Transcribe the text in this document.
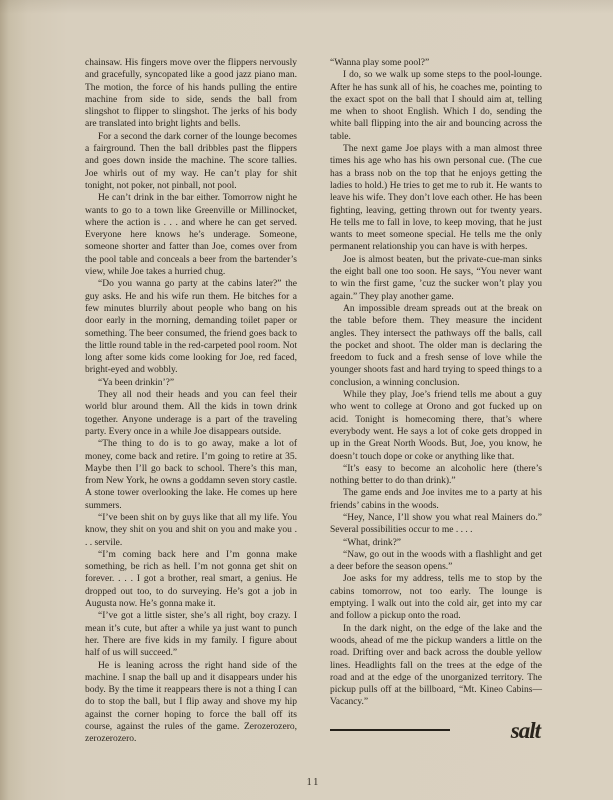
chainsaw. His fingers move over the flippers nervously and gracefully, syncopated like a good jazz piano man. The motion, the force of his hands pulling the entire machine from side to side, sends the ball from slingshot to flipper to slingshot. The jerks of his body are translated into bright lights and bells.

For a second the dark corner of the lounge becomes a fairground. Then the ball dribbles past the flippers and goes down inside the machine. The score tallies. Joe whirls out of my way. He can’t play for shit tonight, not poker, not pinball, not pool.

He can’t drink in the bar either. Tomorrow night he wants to go to a town like Greenville or Millinocket, where the action is . . . and where he can get served. Everyone here knows he’s underage. Someone, someone shorter and fatter than Joe, comes over from the pool table and conceals a beer from the bartender’s view, while Joe takes a hurried chug.

“Do you wanna go party at the cabins later?” the guy asks. He and his wife run them. He bitches for a few minutes blurrily about people who bang on his door early in the morning, demanding toilet paper or something. The beer consumed, the friend goes back to the little round table in the red-carpeted pool room. Not long after some kids come looking for Joe, red faced, bright-eyed and wobbly.

“Ya been drinkin’?”

They all nod their heads and you can feel their world blur around them. All the kids in town drink together. Anyone underage is a part of the traveling party. Every once in a while Joe disappears outside.

“The thing to do is to go away, make a lot of money, come back and retire. I’m going to retire at 35. Maybe then I’ll go back to school. There’s this man, from New York, he owns a goddamn seven story castle. A stone tower overlooking the lake. He comes up here summers.

“I’ve been shit on by guys like that all my life. You know, they shit on you and shit on you and make you . . . servile.

“I’m coming back here and I’m gonna make something, be rich as hell. I’m not gonna get shit on forever. . . . I got a brother, real smart, a genius. He dropped out too, to do surveying. He’s got a job in Augusta now. He’s gonna make it.

“I’ve got a little sister, she’s all right, boy crazy. I mean it’s cute, but after a while ya just want to punch her. There are five kids in my family. I figure about half of us will succeed.”

He is leaning across the right hand side of the machine. I snap the ball up and it disappears under his body. By the time it reappears there is not a thing I can do to stop the ball, but I flip away and shove my hip against the corner hoping to force the ball off its course, against the rules of the game. Zerozerozero, zerozerozero.

“Wanna play some pool?”

I do, so we walk up some steps to the pool-lounge. After he has sunk all of his, he coaches me, pointing to the exact spot on the ball that I should aim at, telling me when to shoot English. Which I do, sending the white ball flipping into the air and bouncing across the table.

The next game Joe plays with a man almost three times his age who has his own personal cue. (The cue has a brass nob on the top that he enjoys getting the ladies to hold.) He tries to get me to rub it. He wants to leave his wife. They don’t love each other. He has been fighting, leaving, getting thrown out for twenty years. He tells me to fall in love, to keep moving, that he just wants to meet someone special. He tells me the only permanent relationship you can have is with herpes.

Joe is almost beaten, but the private-cue-man sinks the eight ball one too soon. He says, “You never want to win the first game, ’cuz the sucker won’t play you again.” They play another game.

An impossible dream spreads out at the break on the table before them. They measure the incident angles. They intersect the pathways off the balls, call the pocket and shoot. The older man is declaring the freedom to fuck and a fresh sense of love while the younger shoots fast and hard trying to speed things to a conclusion, a winning conclusion.

While they play, Joe’s friend tells me about a guy who went to college at Orono and got fucked up on acid. Tonight is homecoming there, that’s where everybody went. He says a lot of coke gets dropped in up in the Great North Woods. But, Joe, you know, he doesn’t touch dope or coke or anything like that.

“It’s easy to become an alcoholic here (there’s nothing better to do than drink).”

The game ends and Joe invites me to a party at his friends’ cabins in the woods.

“Hey, Nance, I’ll show you what real Mainers do.” Several possibilities occur to me . . . .

“What, drink?”

“Naw, go out in the woods with a flashlight and get a deer before the season opens.”

Joe asks for my address, tells me to stop by the cabins tomorrow, not too early. The lounge is emptying. I walk out into the cold air, get into my car and follow a pickup onto the road.

In the dark night, on the edge of the lake and the woods, ahead of me the pickup wanders a little on the road. Drifting over and back across the double yellow lines. Headlights fall on the trees at the edge of the road and at the edge of the unorganized territory. The pickup pulls off at the billboard, “Mt. Kineo Cabins—Vacancy.”

salt
11
